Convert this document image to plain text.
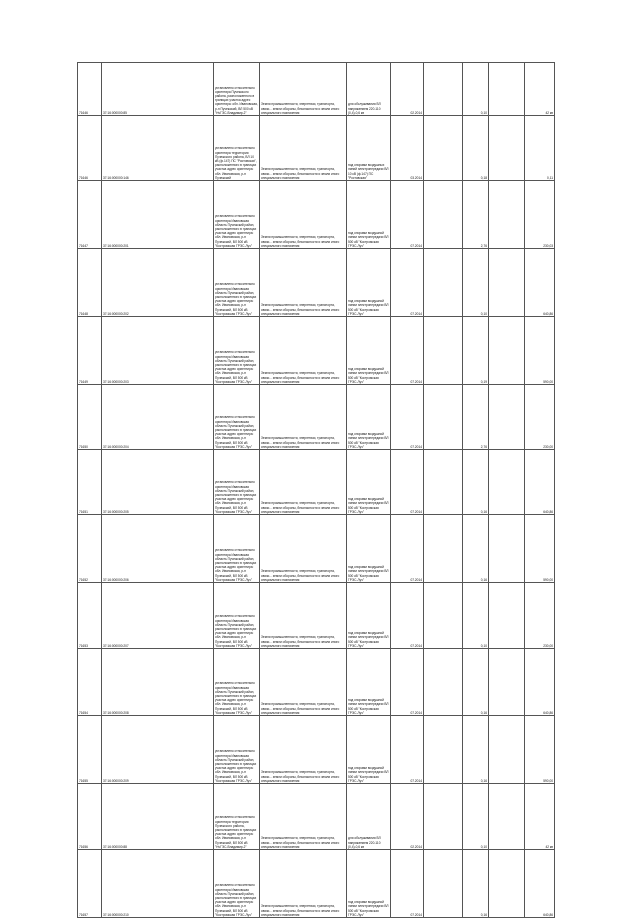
71646	37:16:000000:85	установлено относительно ориентира Пучежского района, расположенного в границах участка адрес ориентира: обл. Ивановская, р-н Пучежский, ВЛ 500 кВ "НчГЭС-Владимир-2"	Земли промышленности, энергетики, транспорта, связи... земли обороны, безопасности и земли иного специального назначения	для обслуживания ВЛ напряжением 220-110 (0,4)-0,6 кв	02.2014		0,10		42 кв
71646	37:16:000000:146	установлено относительно ориентира территория Пучежского района, ВЛ 10 кВ (ф.147) ПС "Ростовская", расположенного в границах участка адрес ориентира: обл. Ивановская, р-н Пучежский	Земли промышленности, энергетики, транспорта, связи... земли обороны, безопасности и земли иного специального назначения	под опорами воздушных линий электропередачи ВЛ 10 кВ (ф.147) ПС "Ростовская"	03.2014		0,18		0,11
71647	37:16:000000:201	установлено относительно ориентира Ивановская область Пучежский район, расположенного в границах участка адрес ориентира: обл. Ивановская, р-н Пучежский, ВЛ 500 кВ "Костромская ГРЭС-Луч"	Земли промышленности, энергетики, транспорта, связи... земли обороны, безопасности и земли иного специального назначения	под опорами воздушной линии электропередачи ВЛ 500 кВ "Костромская ГРЭС-Луч"	07.2014		2,76		230,03
71648	37:16:000000:202	установлено относительно ориентира Ивановская область Пучежский район, расположенного в границах участка адрес ориентира: обл. Ивановская, р-н Пучежский, ВЛ 500 кВ "Костромская ГРЭС-Луч"	Земли промышленности, энергетики, транспорта, связи... земли обороны, безопасности и земли иного специального назначения	под опорами воздушной линии электропередачи ВЛ 500 кВ "Костромская ГРЭС-Луч"	07.2014		0,10		640,86
71649	37:16:000000:203	установлено относительно ориентира Ивановская область Пучежский район, расположенного в границах участка адрес ориентира: обл. Ивановская, р-н Пучежский, ВЛ 500 кВ "Костромская ГРЭС-Луч"	Земли промышленности, энергетики, транспорта, связи... земли обороны, безопасности и земли иного специального назначения	под опорами воздушной линии электропередачи ВЛ 500 кВ "Костромская ГРЭС-Луч"	07.2014		0,19		590,00
71650	37:16:000000:204	установлено относительно ориентира Ивановская область Пучежский район, расположенного в границах участка адрес ориентира: обл. Ивановская, р-н Пучежский, ВЛ 500 кВ "Костромская ГРЭС-Луч"	Земли промышленности, энергетики, транспорта, связи... земли обороны, безопасности и земли иного специального назначения	под опорами воздушной линии электропередачи ВЛ 500 кВ "Костромская ГРЭС-Луч"	07.2014		2,76		230,00
71651	37:16:000000:205	установлено относительно ориентира Ивановская область Пучежский район, расположенного в границах участка адрес ориентира: обл. Ивановская, р-н Пучежский, ВЛ 500 кВ "Костромская ГРЭС-Луч"	Земли промышленности, энергетики, транспорта, связи... земли обороны, безопасности и земли иного специального назначения	под опорами воздушной линии электропередачи ВЛ 500 кВ "Костромская ГРЭС-Луч"	07.2014		0,16		640,86
71652	37:16:000000:206	установлено относительно ориентира Ивановская область Пучежский район, расположенного в границах участка адрес ориентира: обл. Ивановская, р-н Пучежский, ВЛ 500 кВ "Костромская ГРЭС-Луч"	Земли промышленности, энергетики, транспорта, связи... земли обороны, безопасности и земли иного специального назначения	под опорами воздушной линии электропередачи ВЛ 500 кВ "Костромская ГРЭС-Луч"	07.2014		0,16		590,00
71653	37:16:000000:207	установлено относительно ориентира Ивановская область Пучежский район, расположенного в границах участка адрес ориентира: обл. Ивановская, р-н Пучежский, ВЛ 500 кВ "Костромская ГРЭС-Луч"	Земли промышленности, энергетики, транспорта, связи... земли обороны, безопасности и земли иного специального назначения	под опорами воздушной линии электропередачи ВЛ 500 кВ "Костромская ГРЭС-Луч"	07.2014		0,10		230,00
71654	37:16:000000:208	установлено относительно ориентира Ивановская область Пучежский район, расположенного в границах участка адрес ориентира: обл. Ивановская, р-н Пучежский, ВЛ 500 кВ "Костромская ГРЭС-Луч"	Земли промышленности, энергетики, транспорта, связи... земли обороны, безопасности и земли иного специального назначения	под опорами воздушной линии электропередачи ВЛ 500 кВ "Костромская ГРЭС-Луч"	07.2014		0,16		640,86
71655	37:16:000000:209	установлено относительно ориентира Ивановская область Пучежский район, расположенного в границах участка адрес ориентира: обл. Ивановская, р-н Пучежский, ВЛ 500 кВ "Костромская ГРЭС-Луч"	Земли промышленности, энергетики, транспорта, связи... земли обороны, безопасности и земли иного специального назначения	под опорами воздушной линии электропередачи ВЛ 500 кВ "Костромская ГРЭС-Луч"	07.2014		0,16		590,00
71656	37:16:000000:88	установлено относительно ориентира территория Пучежского района, расположенного в границах участка адрес ориентира: обл. Ивановская, р-н Пучежский, ВЛ 500 кВ "НчГЭС-Владимир-2"	Земли промышленности, энергетики, транспорта, связи... земли обороны, безопасности и земли иного специального назначения	для обслуживания ВЛ напряжением 220-110 (0,4)-0,6 кв	02.2014		0,10		42 кв
71657	37:16:000000:210	установлено относительно ориентира Ивановская область Пучежский район, расположенного в границах участка адрес ориентира: обл. Ивановская, р-н Пучежский, ВЛ 500 кВ "Костромская ГРЭС-Луч"	Земли промышленности, энергетики, транспорта, связи... земли обороны, безопасности и земли иного специального назначения	под опорами воздушной линии электропередачи ВЛ 500 кВ "Костромская ГРЭС-Луч"	07.2014		0,16		640,86
